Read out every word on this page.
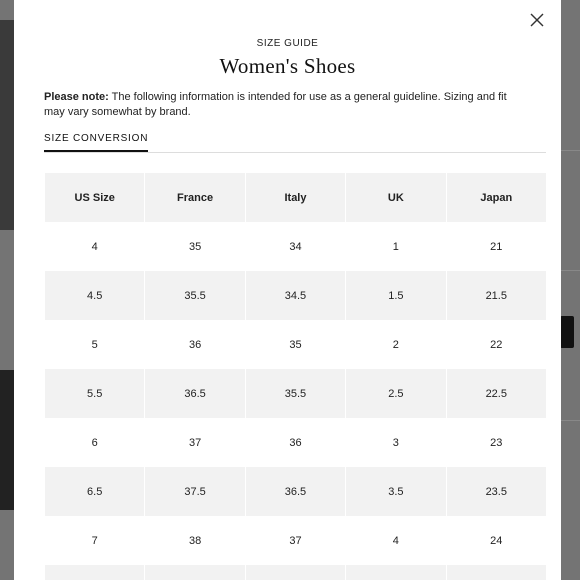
SIZE GUIDE
Women's Shoes
Please note: The following information is intended for use as a general guideline. Sizing and fit may vary somewhat by brand.
SIZE CONVERSION
US Size	France	Italy	UK	Japan
4	35	34	1	21
4.5	35.5	34.5	1.5	21.5
5	36	35	2	22
5.5	36.5	35.5	2.5	22.5
6	37	36	3	23
6.5	37.5	36.5	3.5	23.5
7	38	37	4	24
